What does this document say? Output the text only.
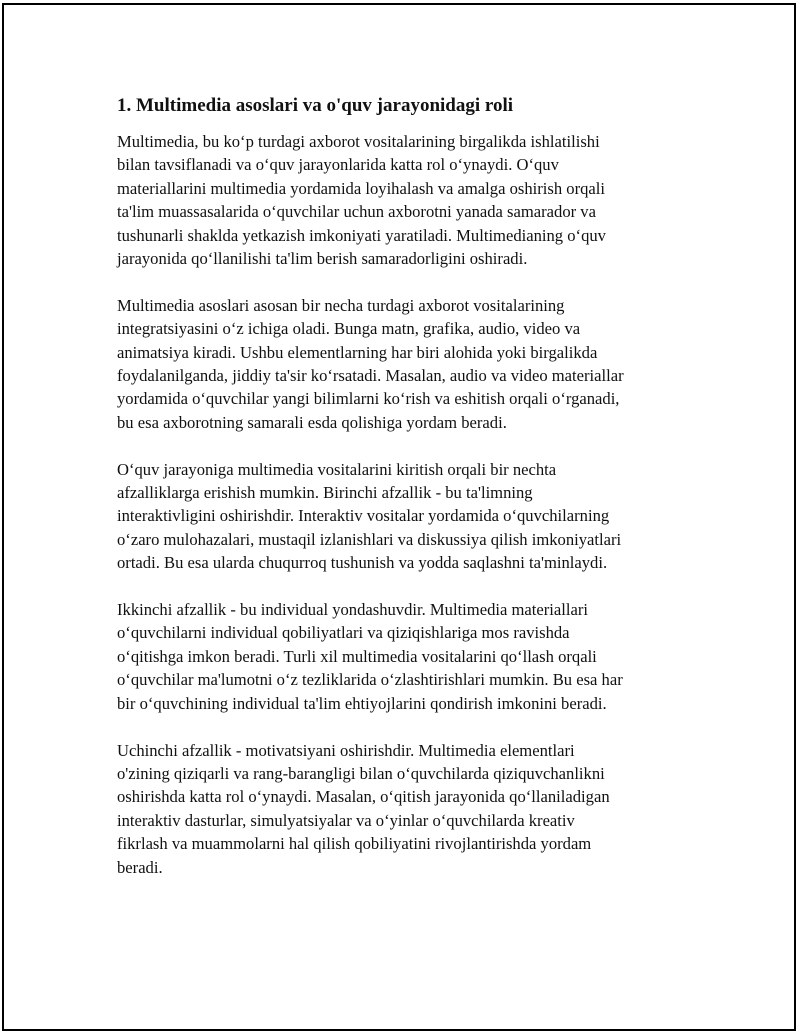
1. Multimedia asoslari va o'quv jarayonidagi roli

Multimedia, bu ko‘p turdagi axborot vositalarining birgalikda ishlatilishi
bilan tavsiflanadi va o‘quv jarayonlarida katta rol o‘ynaydi. O‘quv
materiallarini multimedia yordamida loyihalash va amalga oshirish orqali
ta'lim muassasalarida o‘quvchilar uchun axborotni yanada samarador va
tushunarli shaklda yetkazish imkoniyati yaratiladi. Multimedianing o‘quv
jarayonida qo‘llanilishi ta'lim berish samaradorligini oshiradi.

Multimedia asoslari asosan bir necha turdagi axborot vositalarining
integratsiyasini o‘z ichiga oladi. Bunga matn, grafika, audio, video va
animatsiya kiradi. Ushbu elementlarning har biri alohida yoki birgalikda
foydalanilganda, jiddiy ta'sir ko‘rsatadi. Masalan, audio va video materiallar
yordamida o‘quvchilar yangi bilimlarni ko‘rish va eshitish orqali o‘rganadi,
bu esa axborotning samarali esda qolishiga yordam beradi.

O‘quv jarayoniga multimedia vositalarini kiritish orqali bir nechta
afzalliklarga erishish mumkin. Birinchi afzallik - bu ta'limning
interaktivligini oshirishdir. Interaktiv vositalar yordamida o‘quvchilarning
o‘zaro mulohazalari, mustaqil izlanishlari va diskussiya qilish imkoniyatlari
ortadi. Bu esa ularda chuqurroq tushunish va yodda saqlashni ta'minlaydi.

Ikkinchi afzallik - bu individual yondashuvdir. Multimedia materiallari
o‘quvchilarni individual qobiliyatlari va qiziqishlariga mos ravishda
o‘qitishga imkon beradi. Turli xil multimedia vositalarini qo‘llash orqali
o‘quvchilar ma'lumotni o‘z tezliklarida o‘zlashtirishlari mumkin. Bu esa har
bir o‘quvchining individual ta'lim ehtiyojlarini qondirish imkonini beradi.

Uchinchi afzallik - motivatsiyani oshirishdir. Multimedia elementlari
o'zining qiziqarli va rang-barangligi bilan o‘quvchilarda qiziquvchanlikni
oshirishda katta rol o‘ynaydi. Masalan, o‘qitish jarayonida qo‘llaniladigan
interaktiv dasturlar, simulyatsiyalar va o‘yinlar o‘quvchilarda kreativ
fikrlash va muammolarni hal qilish qobiliyatini rivojlantirishda yordam
beradi.
